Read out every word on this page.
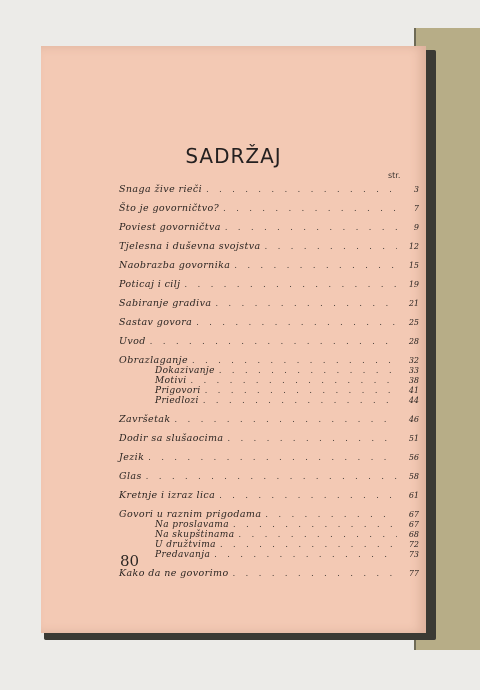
SADRŽAJ
str.
Snaga žive rieči . . .	3
Što je govorničtvo? . . .	7
Poviest govorničtva . . .	9
Tjelesna i duševna svojstva . . .	12
Naobrazba govornika . . .	15
Poticaj i cilj . . .	19
Sabiranje gradiva . . .	21
Sastav govora . . .	25
Uvod . . .	28
Obrazlaganje . . .	32
Dokazivanje . . .	33
Motivi . . .	38
Prigovori . . .	41
Priedlozi . . .	44
Završetak . . .	46
Dodir sa slušaocima . . .	51
Jezik . . .	56
Glas . . .	58
Kretnje i izraz lica . . .	61
Govori u raznim prigodama . . .	67
Na proslavama . . .	67
Na skupštinama . . .	68
U družtvima . . .	72
Predavanja . . .	73
Kako da ne govorimo . . .	77
80
